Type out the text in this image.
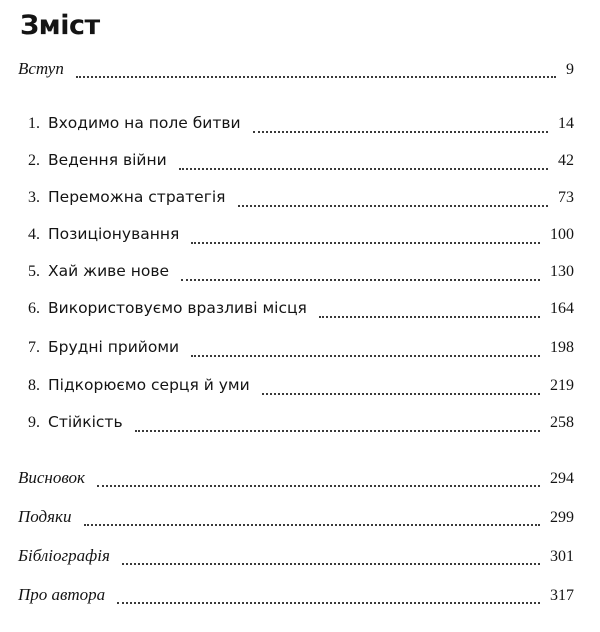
Зміст
Вступ	9
1. Входимо на поле битви	14
2. Ведення війни	42
3. Переможна стратегія	73
4. Позиціонування	100
5. Хай живе нове	130
6. Використовуємо вразливі місця	164
7. Брудні прийоми	198
8. Підкорюємо серця й уми	219
9. Стійкість	258
Висновок	294
Подяки	299
Бібліографія	301
Про автора	317
